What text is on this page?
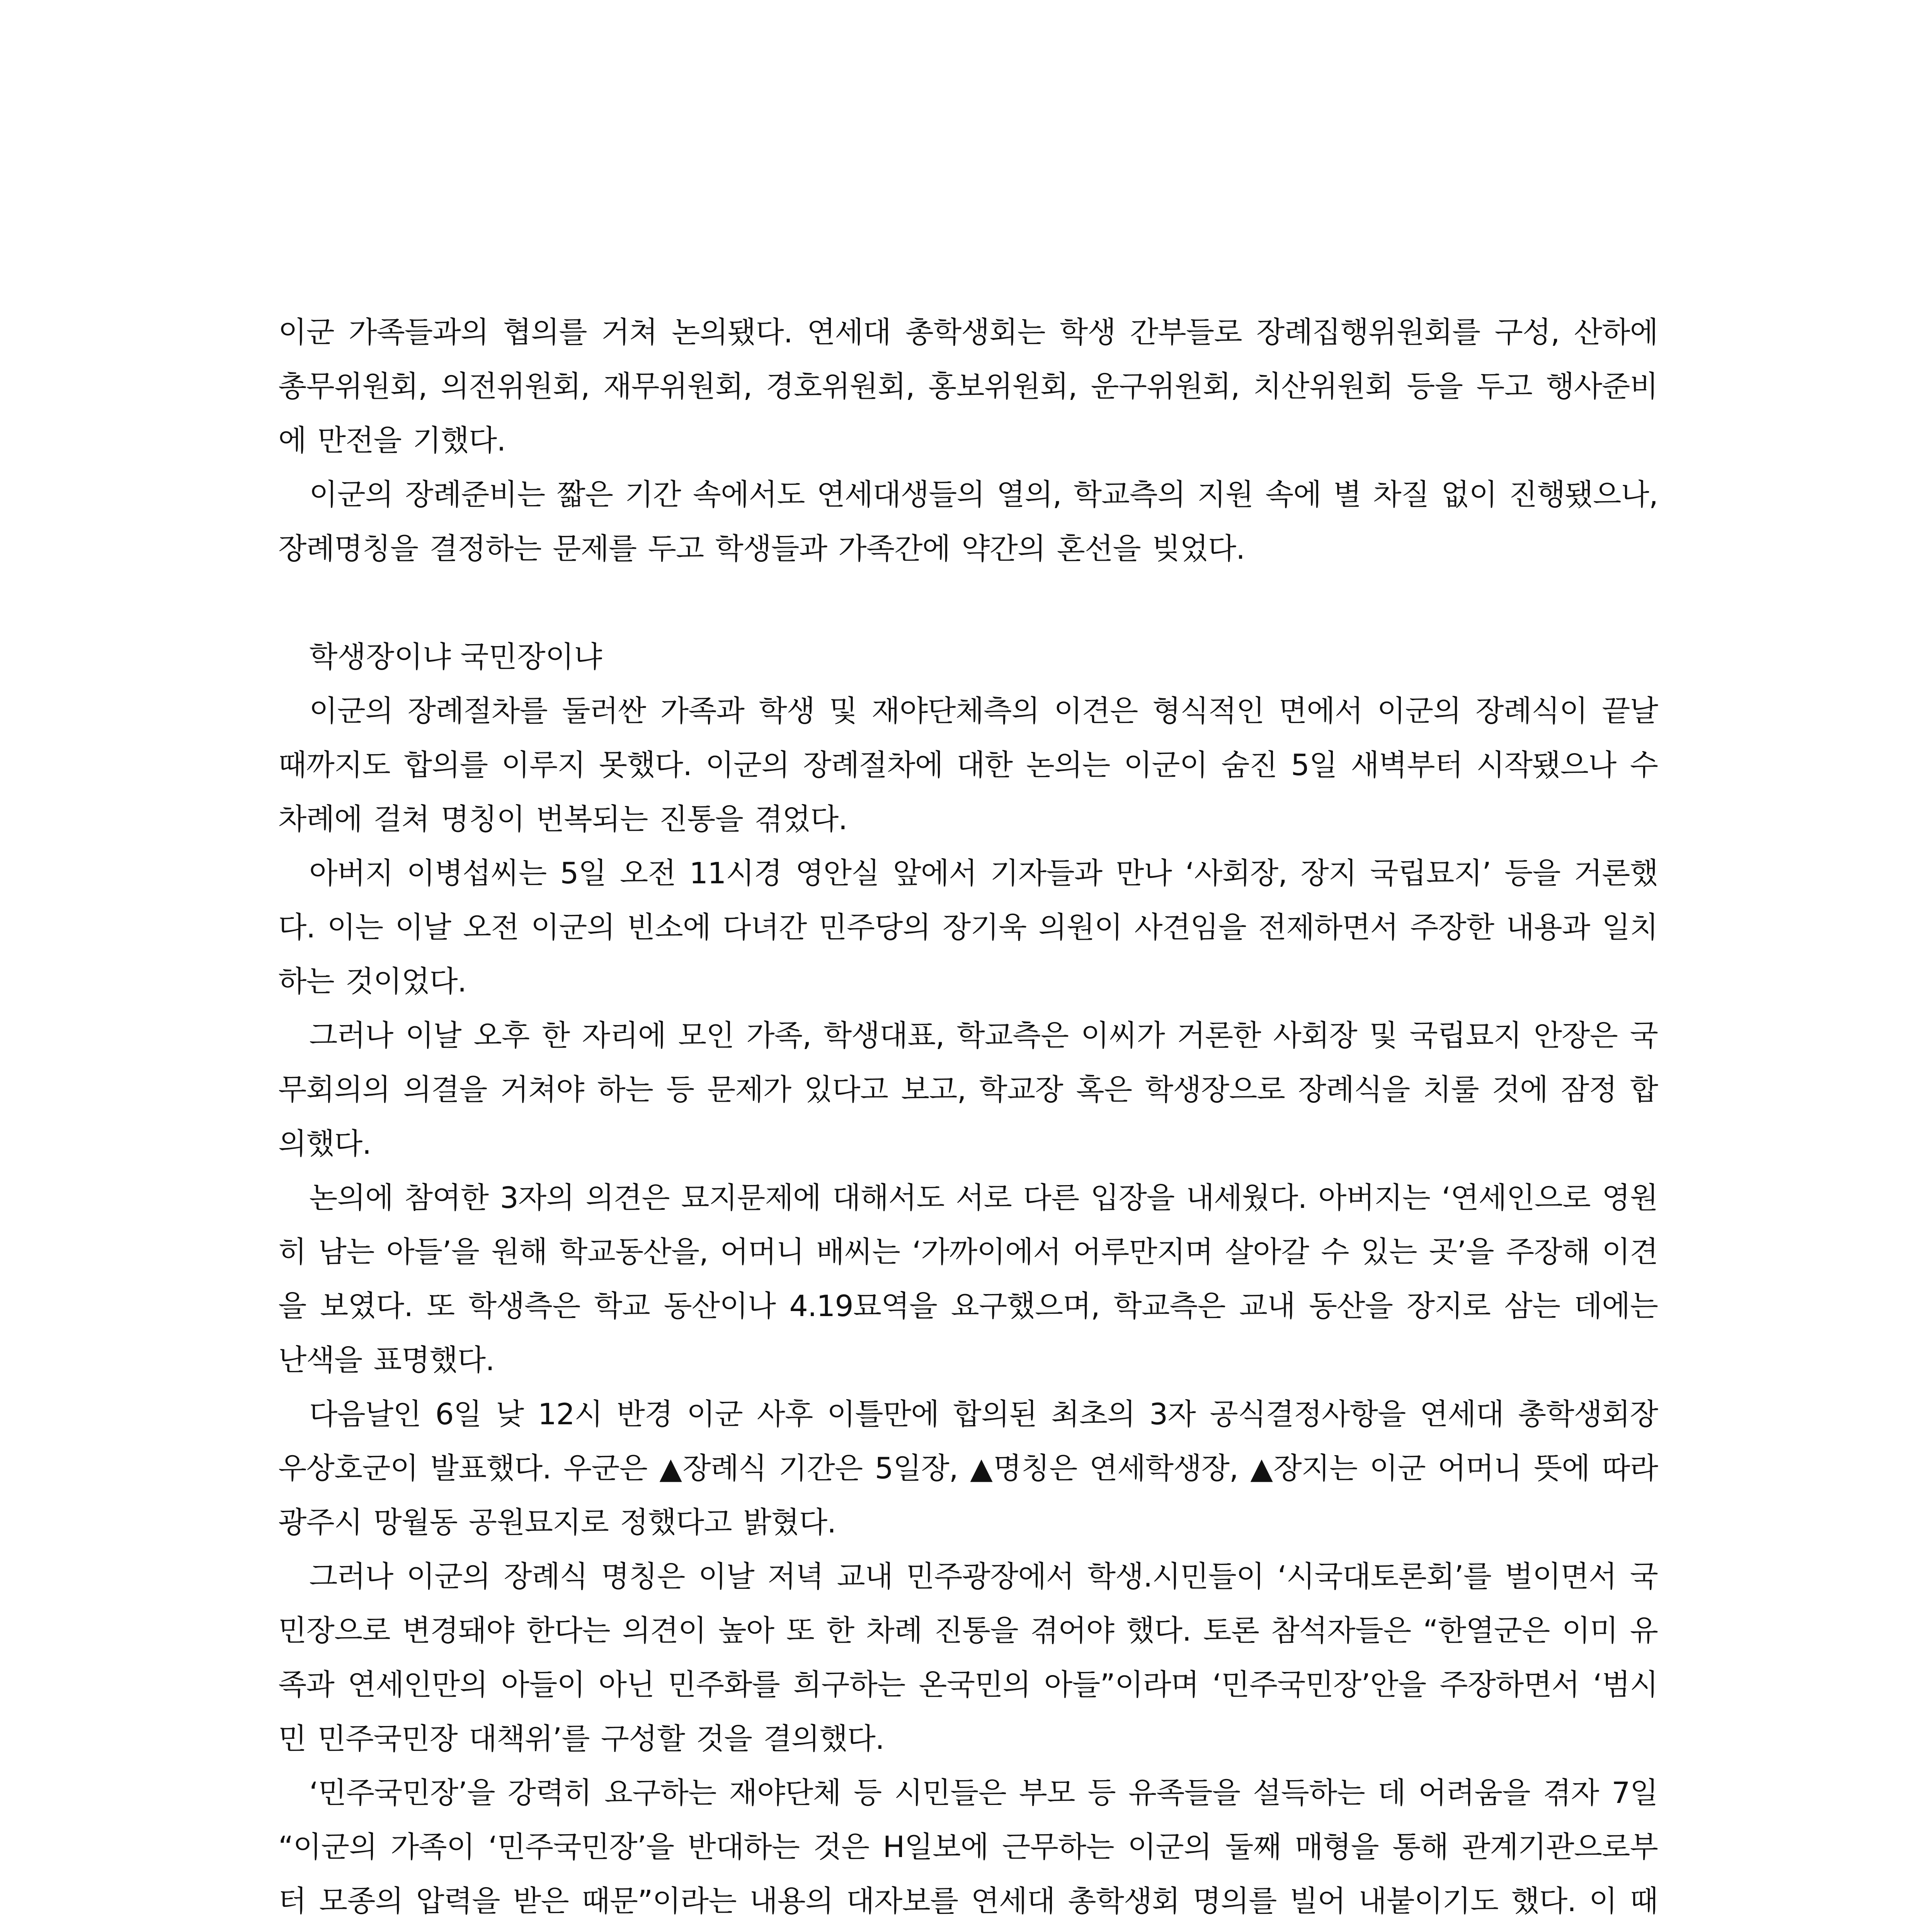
이군 가족들과의 협의를 거쳐 논의됐다. 연세대 총학생회는 학생 간부들로 장례집행위원회를 구성, 산하에 총무위원회, 의전위원회, 재무위원회, 경호위원회, 홍보위원회, 운구위원회, 치산위원회 등을 두고 행사준비에 만전을 기했다.

이군의 장례준비는 짧은 기간 속에서도 연세대생들의 열의, 학교측의 지원 속에 별 차질 없이 진행됐으나, 장례명칭을 결정하는 문제를 두고 학생들과 가족간에 약간의 혼선을 빚었다.

학생장이냐 국민장이냐

이군의 장례절차를 둘러싼 가족과 학생 및 재야단체측의 이견은 형식적인 면에서 이군의 장례식이 끝날 때까지도 합의를 이루지 못했다. 이군의 장례절차에 대한 논의는 이군이 숨진 5일 새벽부터 시작됐으나 수 차례에 걸쳐 명칭이 번복되는 진통을 겪었다.

아버지 이병섭씨는 5일 오전 11시경 영안실 앞에서 기자들과 만나 ‘사회장, 장지 국립묘지’ 등을 거론했다. 이는 이날 오전 이군의 빈소에 다녀간 민주당의 장기욱 의원이 사견임을 전제하면서 주장한 내용과 일치하는 것이었다.

그러나 이날 오후 한 자리에 모인 가족, 학생대표, 학교측은 이씨가 거론한 사회장 및 국립묘지 안장은 국무회의의 의결을 거쳐야 하는 등 문제가 있다고 보고, 학교장 혹은 학생장으로 장례식을 치룰 것에 잠정 합의했다.

논의에 참여한 3자의 의견은 묘지문제에 대해서도 서로 다른 입장을 내세웠다. 아버지는 ‘연세인으로 영원히 남는 아들’을 원해 학교동산을, 어머니 배씨는 ‘가까이에서 어루만지며 살아갈 수 있는 곳’을 주장해 이견을 보였다. 또 학생측은 학교 동산이나 4.19묘역을 요구했으며, 학교측은 교내 동산을 장지로 삼는 데에는 난색을 표명했다.

다음날인 6일 낮 12시 반경 이군 사후 이틀만에 합의된 최초의 3자 공식결정사항을 연세대 총학생회장 우상호군이 발표했다. 우군은 ▲장례식 기간은 5일장, ▲명칭은 연세학생장, ▲장지는 이군 어머니 뜻에 따라 광주시 망월동 공원묘지로 정했다고 밝혔다.

그러나 이군의 장례식 명칭은 이날 저녁 교내 민주광장에서 학생.시민들이 ‘시국대토론회’를 벌이면서 국민장으로 변경돼야 한다는 의견이 높아 또 한 차례 진통을 겪어야 했다. 토론 참석자들은 “한열군은 이미 유족과 연세인만의 아들이 아닌 민주화를 희구하는 온국민의 아들”이라며 ‘민주국민장’안을 주장하면서 ‘범시민 민주국민장 대책위’를 구성할 것을 결의했다.

‘민주국민장’을 강력히 요구하는 재야단체 등 시민들은 부모 등 유족들을 설득하는 데 어려움을 겪자 7일 “이군의 가족이 ‘민주국민장’을 반대하는 것은 H일보에 근무하는 이군의 둘째 매형을 통해 관계기관으로부터 모종의 압력을 받은 때문”이라는 내용의 대자보를 연세대 총학생회 명의를 빌어 내붙이기도 했다. 이 때
